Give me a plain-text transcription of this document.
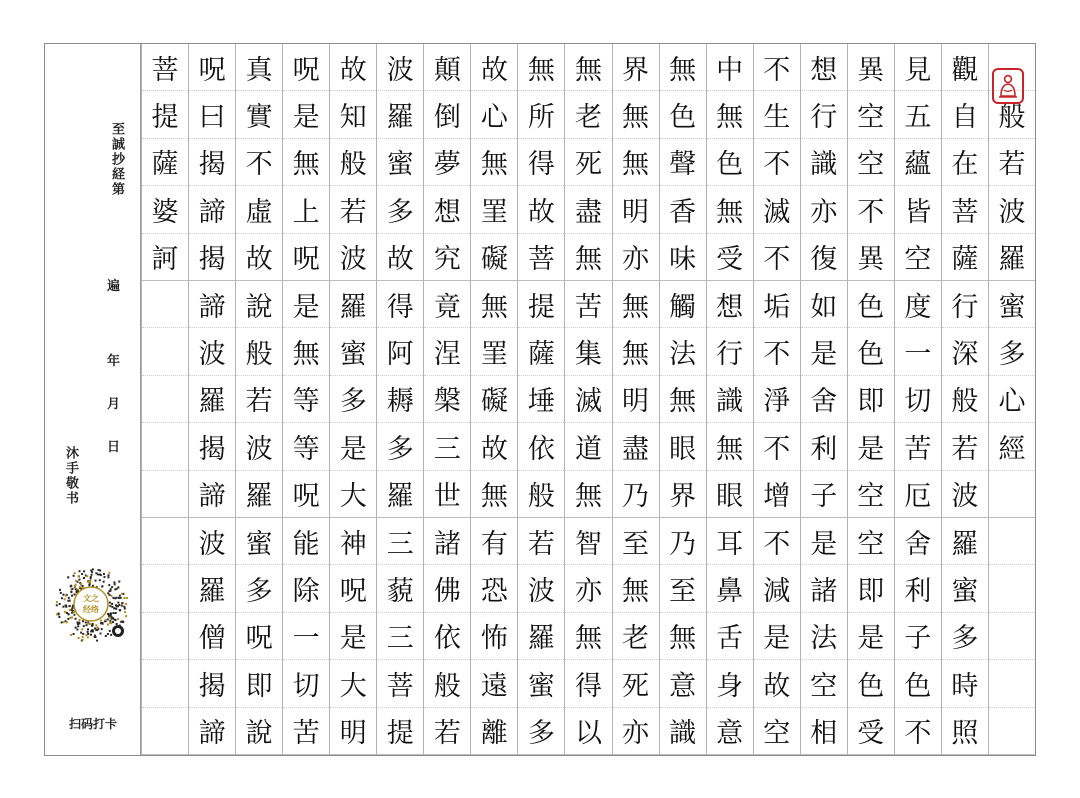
至誠抄経第
遍
年
月
日
沐手敬书
文之
经络
扫码打卡
般
若
波
羅
蜜
多
心
經
觀
自
在
菩
薩
行
深
般
若
波
羅
蜜
多
時
照
見
五
蘊
皆
空
度
一
切
苦
厄
舍
利
子
色
不
異
空
空
不
異
色
色
即
是
空
空
即
是
色
受
想
行
識
亦
復
如
是
舍
利
子
是
諸
法
空
相
不
生
不
滅
不
垢
不
淨
不
增
不
減
是
故
空
中
無
色
無
受
想
行
識
無
眼
耳
鼻
舌
身
意
無
色
聲
香
味
觸
法
無
眼
界
乃
至
無
意
識
界
無
無
明
亦
無
無
明
盡
乃
至
無
老
死
亦
無
老
死
盡
無
苦
集
滅
道
無
智
亦
無
得
以
無
所
得
故
菩
提
薩
埵
依
般
若
波
羅
蜜
多
故
心
無
罣
礙
無
罣
礙
故
無
有
恐
怖
遠
離
顛
倒
夢
想
究
竟
涅
槃
三
世
諸
佛
依
般
若
波
羅
蜜
多
故
得
阿
耨
多
羅
三
藐
三
菩
提
故
知
般
若
波
羅
蜜
多
是
大
神
呪
是
大
明
呪
是
無
上
呪
是
無
等
等
呪
能
除
一
切
苦
真
實
不
虛
故
說
般
若
波
羅
蜜
多
呪
即
說
呪
曰
揭
諦
揭
諦
波
羅
揭
諦
波
羅
僧
揭
諦
菩
提
薩
婆
訶
